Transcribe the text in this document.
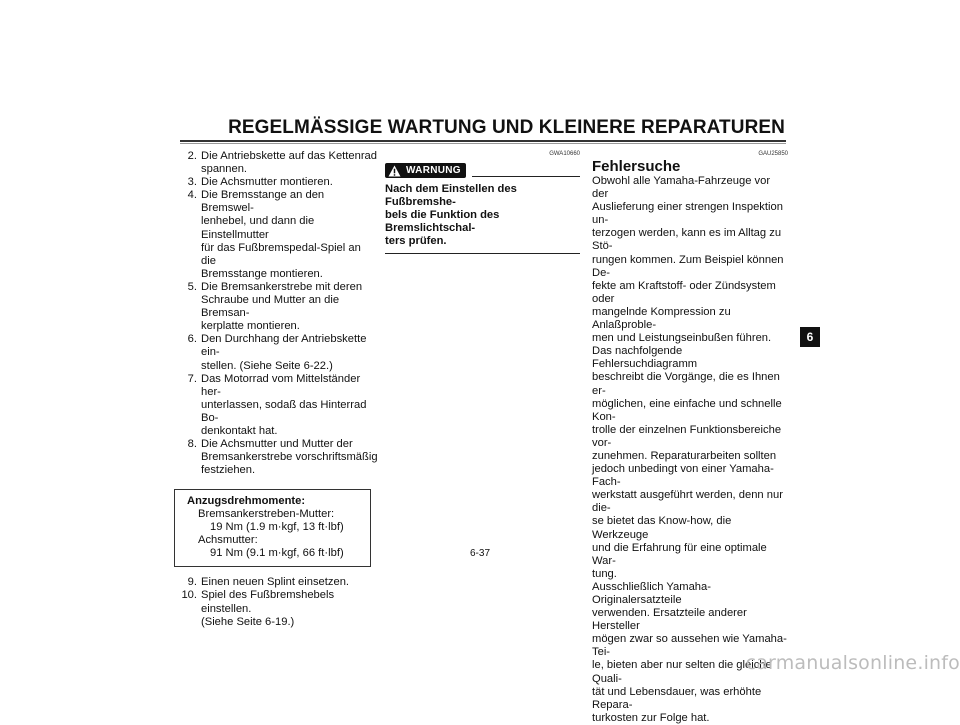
REGELMÄSSIGE WARTUNG UND KLEINERE REPARATUREN
2. Die Antriebskette auf das Kettenrad
spannen.
3. Die Achsmutter montieren.
4. Die Bremsstange an den Bremswel-
lenhebel, und dann die Einstellmutter
für das Fußbremspedal-Spiel an die
Bremsstange montieren.
5. Die Bremsankerstrebe mit deren
Schraube und Mutter an die Bremsan-
kerplatte montieren.
6. Den Durchhang der Antriebskette ein-
stellen. (Siehe Seite 6-22.)
7. Das Motorrad vom Mittelständer her-
unterlassen, sodaß das Hinterrad Bo-
denkontakt hat.
8. Die Achsmutter und Mutter der
Bremsankerstrebe vorschriftsmäßig
festziehen.
Anzugsdrehmomente:
Bremsankerstreben-Mutter:
19 Nm (1.9 m·kgf, 13 ft·lbf)
Achsmutter:
91 Nm (9.1 m·kgf, 66 ft·lbf)
9. Einen neuen Splint einsetzen.
10. Spiel des Fußbremshebels einstellen.
(Siehe Seite 6-19.)
GWA10660
WARNUNG
Nach dem Einstellen des Fußbremshe-
bels die Funktion des Bremslichtschal-
ters prüfen.
GAU25850
Fehlersuche
Obwohl alle Yamaha-Fahrzeuge vor der
Auslieferung einer strengen Inspektion un-
terzogen werden, kann es im Alltag zu Stö-
rungen kommen. Zum Beispiel können De-
fekte am Kraftstoff- oder Zündsystem oder
mangelnde Kompression zu Anlaßproble-
men und Leistungseinbußen führen.
Das nachfolgende Fehlersuchdiagramm
beschreibt die Vorgänge, die es Ihnen er-
möglichen, eine einfache und schnelle Kon-
trolle der einzelnen Funktionsbereiche vor-
zunehmen. Reparaturarbeiten sollten
jedoch unbedingt von einer Yamaha-Fach-
werkstatt ausgeführt werden, denn nur die-
se bietet das Know-how, die Werkzeuge
und die Erfahrung für eine optimale War-
tung.
Ausschließlich Yamaha-Originalersatzteile
verwenden. Ersatzteile anderer Hersteller
mögen zwar so aussehen wie Yamaha-Tei-
le, bieten aber nur selten die gleiche Quali-
tät und Lebensdauer, was erhöhte Repara-
turkosten zur Folge hat.
6
6-37
carmanualsonline.info
